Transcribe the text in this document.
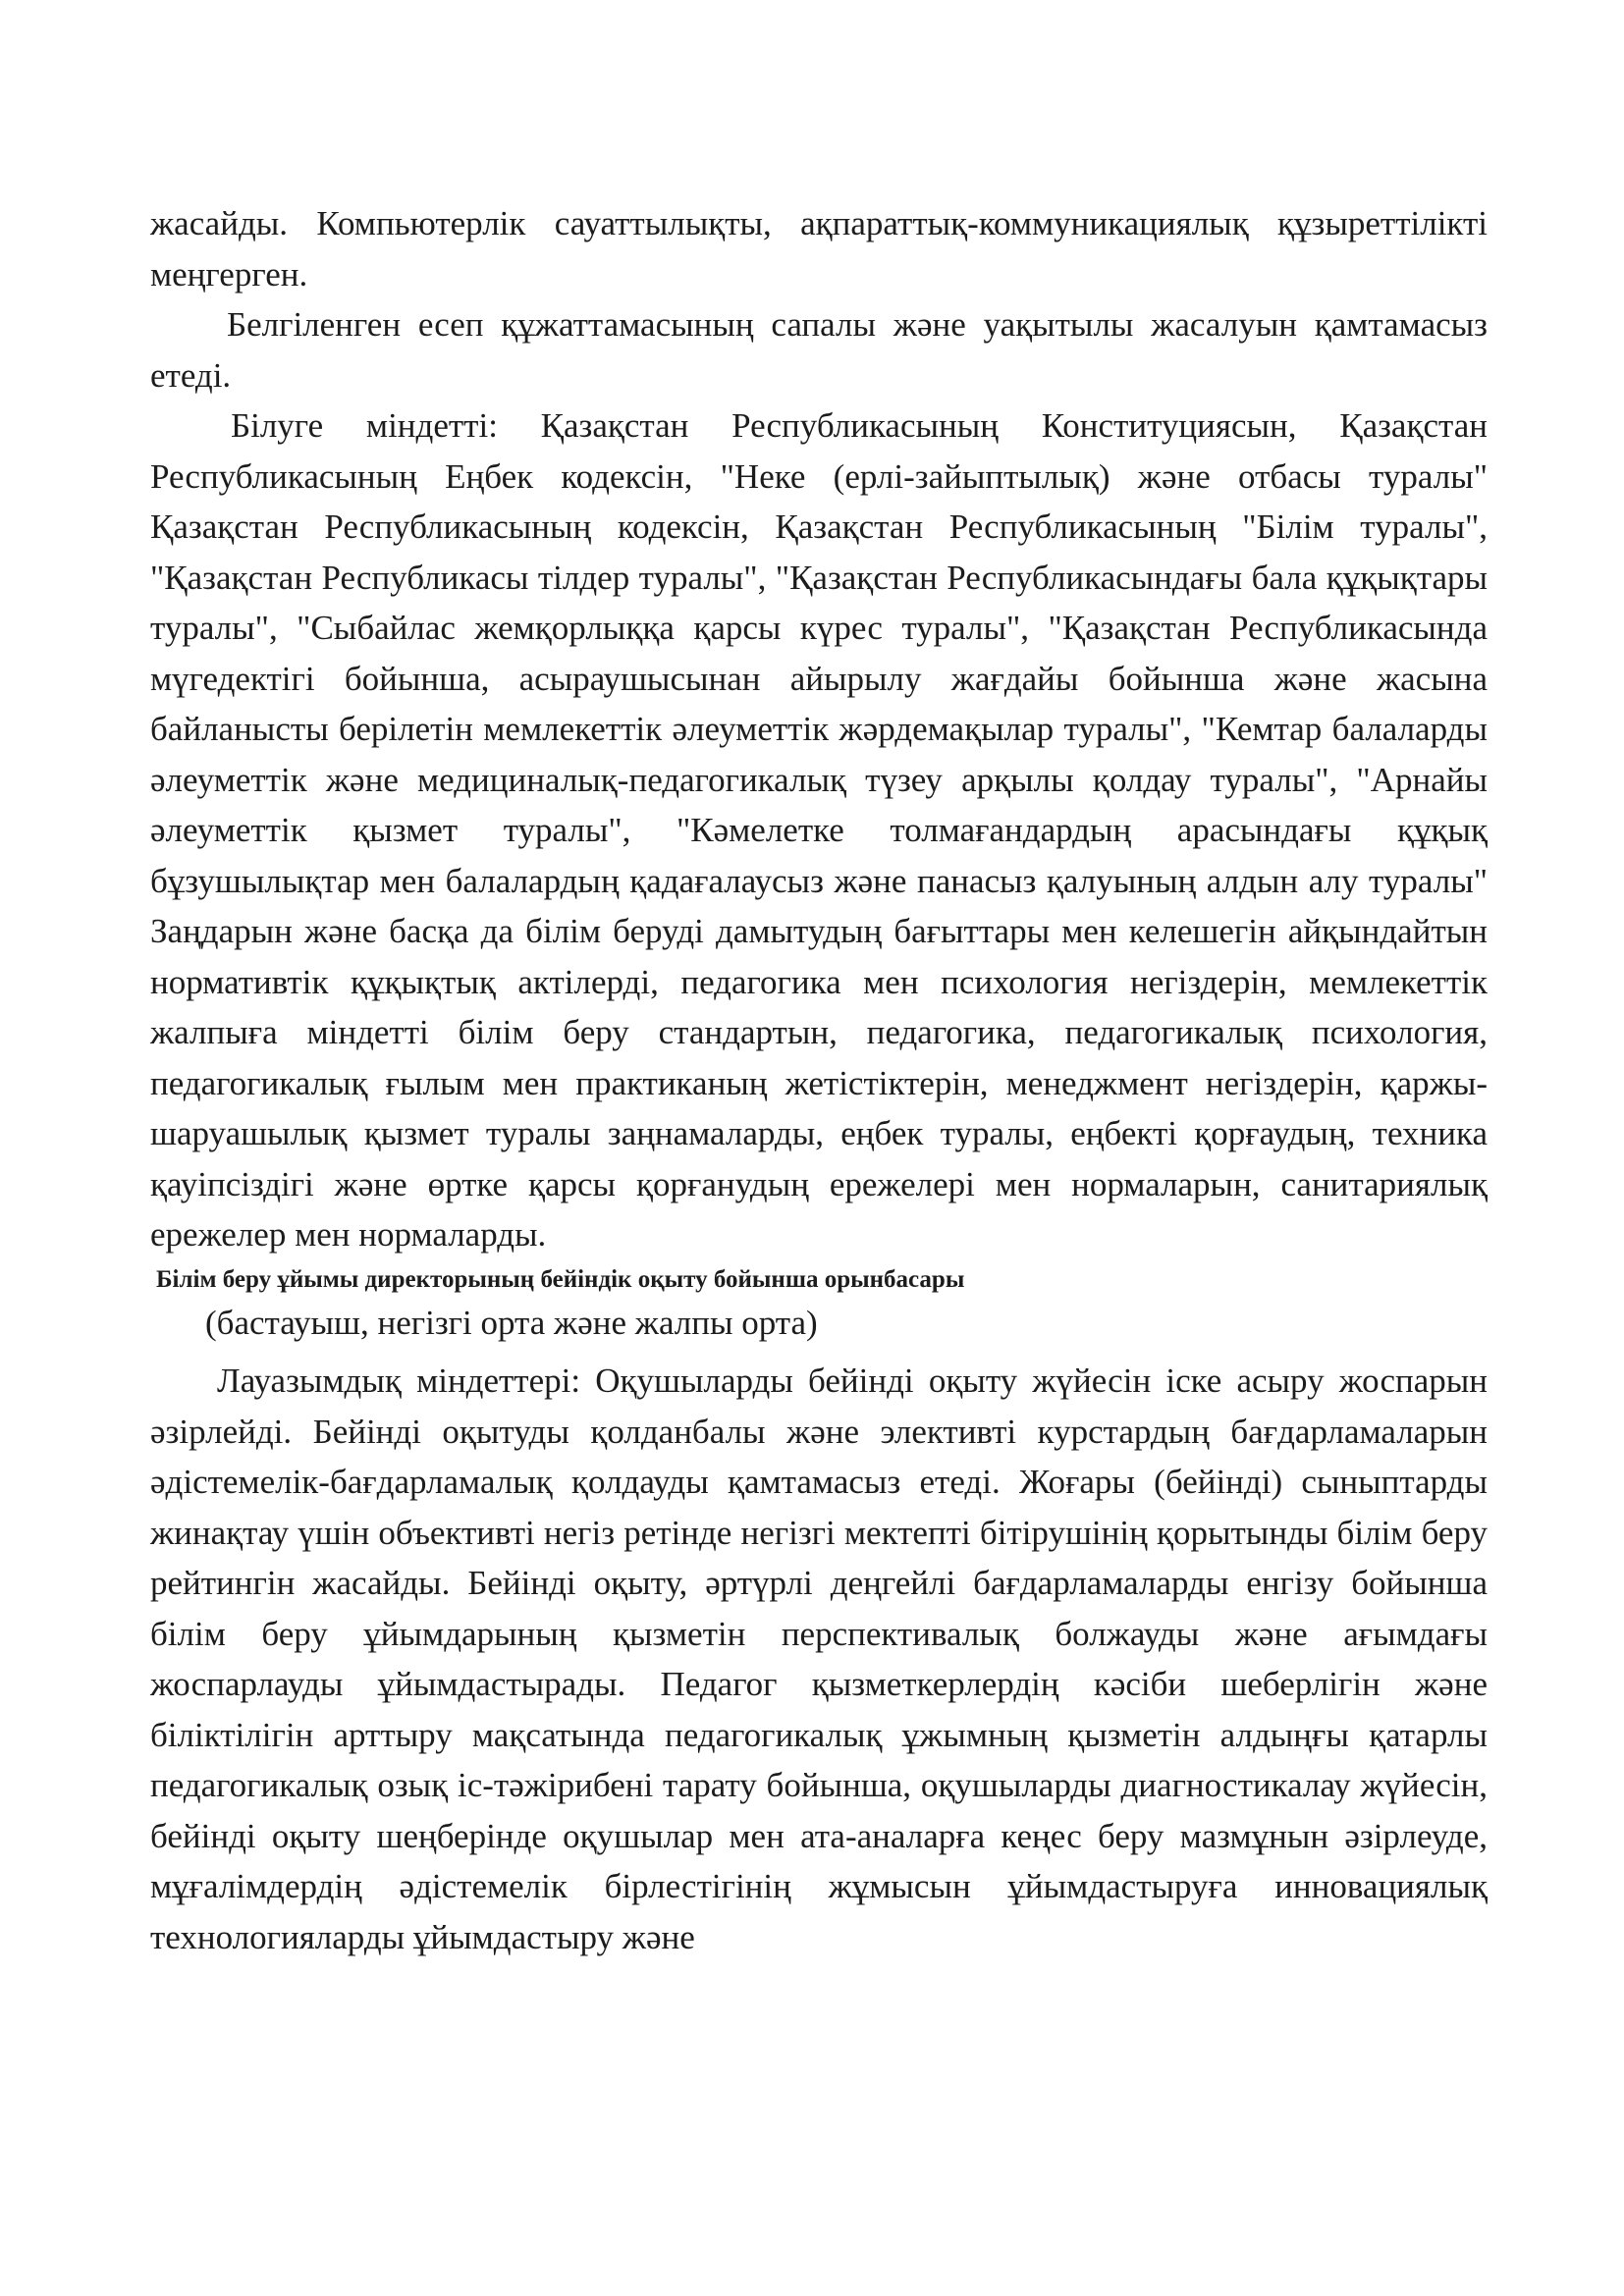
жасайды. Компьютерлік сауаттылықты, ақпараттық-коммуникациялық құзыреттілікті меңгерген.

Белгіленген есеп құжаттамасының сапалы және уақытылы жасалуын қамтамасыз етеді.

Білуге міндетті: Қазақстан Республикасының Конституциясын, Қазақстан Республикасының Еңбек кодексін, "Неке (ерлі-зайыптылық) және отбасы туралы" Қазақстан Республикасының кодексін, Қазақстан Республикасының "Білім туралы", "Қазақстан Республикасы тілдер туралы", "Қазақстан Республикасындағы бала құқықтары туралы", "Сыбайлас жемқорлыққа қарсы күрес туралы", "Қазақстан Республикасында мүгедектігі бойынша, асыраушысынан айырылу жағдайы бойынша және жасына байланысты берілетін мемлекеттік әлеуметтік жәрдемақылар туралы", "Кемтар балаларды әлеуметтік және медициналық-педагогикалық түзеу арқылы қолдау туралы", "Арнайы әлеуметтік қызмет туралы", "Кәмелетке толмағандардың арасындағы құқық бұзушылықтар мен балалардың қадағалаусыз және панасыз қалуының алдын алу туралы" Заңдарын және басқа да білім беруді дамытудың бағыттары мен келешегін айқындайтын нормативтік құқықтық актілерді, педагогика мен психология негіздерін, мемлекеттік жалпыға міндетті білім беру стандартын, педагогика, педагогикалық психология, педагогикалық ғылым мен практиканың жетістіктерін, менеджмент негіздерін, қаржы-шаруашылық қызмет туралы заңнамаларды, еңбек туралы, еңбекті қорғаудың, техника қауіпсіздігі және өртке қарсы қорғанудың ережелері мен нормаларын, санитариялық ережелер мен нормаларды.

Білім беру ұйымы директорының бейіндік оқыту бойынша орынбасары

(бастауыш, негізгі орта және жалпы орта)

Лауазымдық міндеттері: Оқушыларды бейінді оқыту жүйесін іске асыру жоспарын әзірлейді. Бейінді оқытуды қолданбалы және элективті курстардың бағдарламаларын әдістемелік-бағдарламалық қолдауды қамтамасыз етеді. Жоғары (бейінді) сыныптарды жинақтау үшін объективті негіз ретінде негізгі мектепті бітірушінің қорытынды білім беру рейтингін жасайды. Бейінді оқыту, әртүрлі деңгейлі бағдарламаларды енгізу бойынша білім беру ұйымдарының қызметін перспективалық болжауды және ағымдағы жоспарлауды ұйымдастырады. Педагог қызметкерлердің кәсіби шеберлігін және біліктілігін арттыру мақсатында педагогикалық ұжымның қызметін алдыңғы қатарлы педагогикалық озық іс-тәжірибені тарату бойынша, оқушыларды диагностикалау жүйесін, бейінді оқыту шеңберінде оқушылар мен ата-аналарға кеңес беру мазмұнын әзірлеуде, мұғалімдердің әдістемелік бірлестігінің жұмысын ұйымдастыруға инновациялық технологияларды ұйымдастыру және
